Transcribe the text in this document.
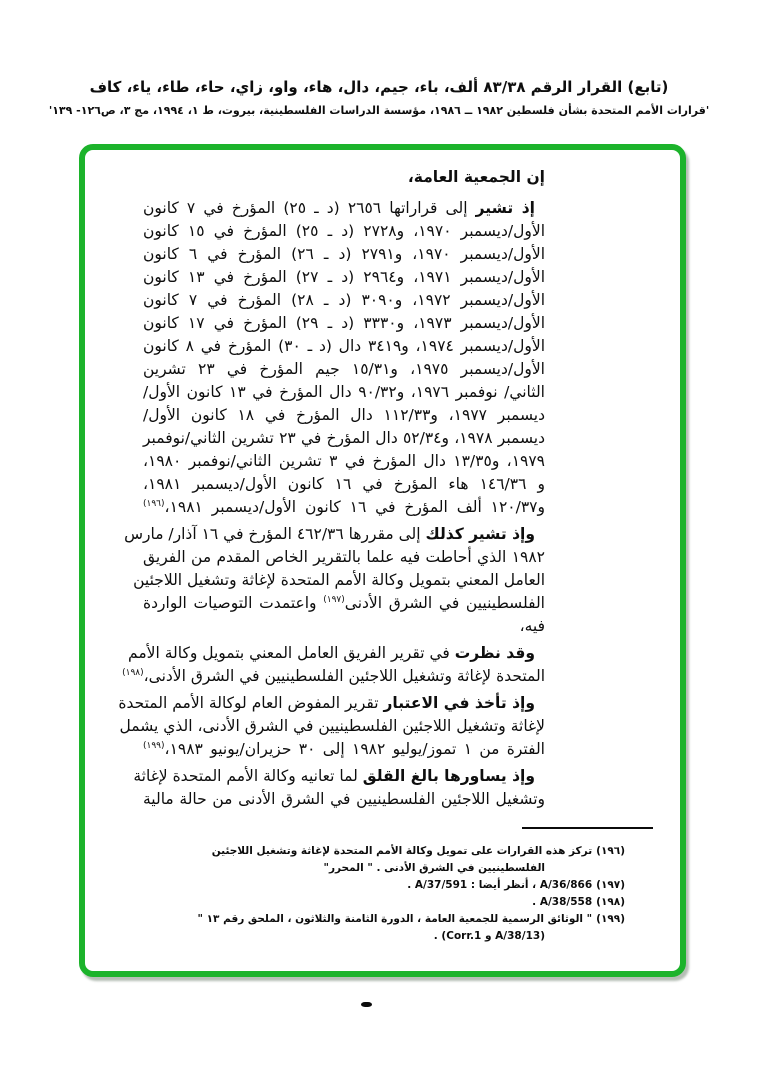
(تابع) القرار الرقم ٨٣/٣٨ ألف، باء، جيم، دال، هاء، واو، زاي، حاء، طاء، ياء، كاف
'قرارات الأمم المتحدة بشأن فلسطين ١٩٨٢ ــ ١٩٨٦، مؤسسة الدراسات الفلسطينية، بيروت، ط ١، ١٩٩٤، مج ٣، ص١٢٦- ١٣٩'
إن الجمعية العامة،
إذ تشير إلى قراراتها ٢٦٥٦ (د ـ ٢٥) المؤرخ في ٧ كانون
الأول/ديسمبر ١٩٧٠، و٢٧٢٨ (د ـ ٢٥) المؤرخ في ١٥ كانون
الأول/ديسمبر ١٩٧٠، و٢٧٩١ (د ـ ٢٦) المؤرخ في ٦ كانون
الأول/ديسمبر ١٩٧١، و٢٩٦٤ (د ـ ٢٧) المؤرخ في ١٣ كانون
الأول/ديسمبر ١٩٧٢، و٣٠٩٠ (د ـ ٢٨) المؤرخ في ٧ كانون
الأول/ديسمبر ١٩٧٣، و٣٣٣٠ (د ـ ٢٩) المؤرخ في ١٧ كانون
الأول/ديسمبر ١٩٧٤، و٣٤١٩ دال (د ـ ٣٠) المؤرخ في ٨ كانون
الأول/ديسمبر ١٩٧٥، و١٥/٣١ جيم المؤرخ في ٢٣ تشرين
الثاني/ نوفمبر ١٩٧٦، و٩٠/٣٢ دال المؤرخ في ١٣ كانون الأول/
ديسمبر ١٩٧٧، و١١٢/٣٣ دال المؤرخ في ١٨ كانون الأول/
ديسمبر ١٩٧٨، و٥٢/٣٤ دال المؤرخ في ٢٣ تشرين الثاني/نوفمبر
١٩٧٩، و١٣/٣٥ دال المؤرخ في ٣ تشرين الثاني/نوفمبر ١٩٨٠،
و ١٤٦/٣٦ هاء المؤرخ في ١٦ كانون الأول/ديسمبر ١٩٨١،
و١٢٠/٣٧ ألف المؤرخ في ١٦ كانون الأول/ديسمبر ١٩٨١،$^{(١٩٦)}$
وإذ تشير كذلك إلى مقررها ٤٦٢/٣٦ المؤرخ في ١٦ آذار/ مارس
١٩٨٢ الذي أحاطت فيه علما بالتقرير الخاص المقدم من الفريق
العامل المعني بتمويل وكالة الأمم المتحدة لإغاثة وتشغيل اللاجئين
الفلسطينيين في الشرق الأدنى$^{(١٩٧)}$ واعتمدت التوصيات الواردة
فيه،
وقد نظرت في تقرير الفريق العامل المعني بتمويل وكالة الأمم
المتحدة لإغاثة وتشغيل اللاجئين الفلسطينيين في الشرق الأدنى،$^{(١٩٨)}$
وإذ تأخذ في الاعتبار تقرير المفوض العام لوكالة الأمم المتحدة
لإغاثة وتشغيل اللاجئين الفلسطينيين في الشرق الأدنى، الذي يشمل
الفترة من ١ تموز/يوليو ١٩٨٢ إلى ٣٠ حزيران/يونيو ١٩٨٣،$^{(١٩٩)}$
وإذ يساورها بالغ القلق لما تعانيه وكالة الأمم المتحدة لإغاثة
وتشغيل اللاجئين الفلسطينيين في الشرق الأدنى من حالة مالية
(١٩٦)تركز هذه القرارات على تمويل وكالة الأمم المتحدة لإغاثة وتشغيل اللاجئين
الفلسطينيين في الشرق الأدنى . " المحرر"
(١٩٧)A/36/866 ، أنظر أيضا : A/37/591 .
(١٩٨)A/38/558 .
(١٩٩)" الوثائق الرسمية للجمعية العامة ، الدورة الثامنة والثلاثون ، الملحق رقم ١٣ "
(A/38/13 و Corr.1) .
